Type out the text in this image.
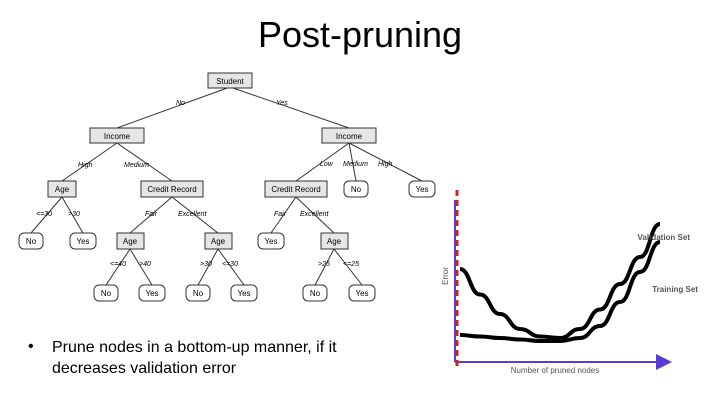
Post-pruning
Student
Income	Income
Age	Credit Record	Credit Record
Age	Age	Age
No	Yes
No	Yes	Yes
No	Yes	No	Yes	No	Yes
No	Yes
High	Medium	Low Medium High
<=30 >30	Fair	Excellent	Fair Excellent
<=40 >40	>30 <=30	>25 <=25
• Prune nodes in a bottom-up manner, if it decreases validation error
Error
Number of pruned nodes
Validation Set
Training Set
